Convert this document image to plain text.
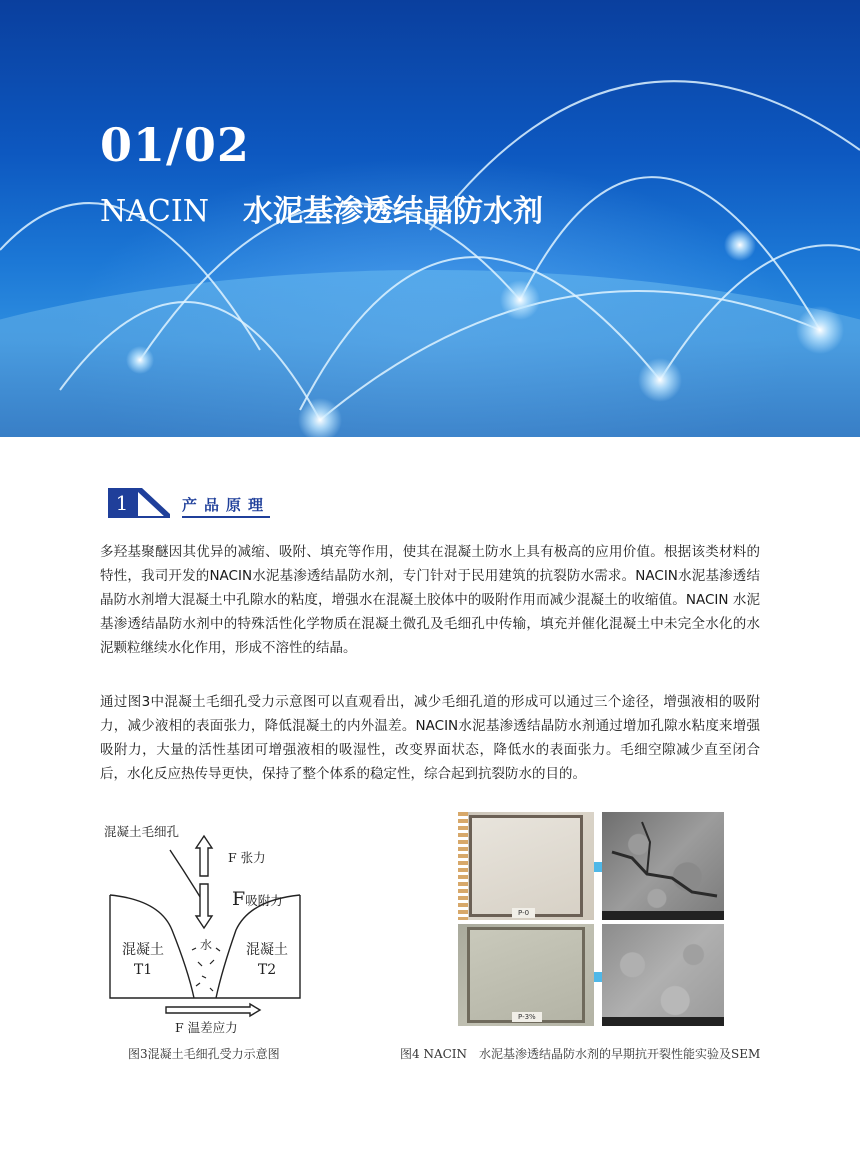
01/02
NACIN 水泥基渗透结晶防水剂
1	产品原理
多羟基聚醚因其优异的减缩、吸附、填充等作用，使其在混凝土防水上具有极高的应用价值。根据该类材料的特性，我司开发的NACIN水泥基渗透结晶防水剂，专门针对于民用建筑的抗裂防水需求。NACIN水泥基渗透结晶防水剂增大混凝土中孔隙水的粘度，增强水在混凝土胶体中的吸附作用而减少混凝土的收缩值。NACIN 水泥基渗透结晶防水剂中的特殊活性化学物质在混凝土微孔及毛细孔中传输，填充并催化混凝土中未完全水化的水泥颗粒继续水化作用，形成不溶性的结晶。
通过图3中混凝土毛细孔受力示意图可以直观看出，减少毛细孔道的形成可以通过三个途径，增强液相的吸附力，减少液相的表面张力，降低混凝土的内外温差。NACIN水泥基渗透结晶防水剂通过增加孔隙水粘度来增强吸附力，大量的活性基团可增强液相的吸湿性，改变界面状态，降低水的表面张力。毛细空隙减少直至闭合后，水化反应热传导更快，保持了整个体系的稳定性，综合起到抗裂防水的目的。
混凝土毛细孔
F 张力
F吸附力
水
混凝土
T1
混凝土
T2
F 温差应力
图3混凝土毛细孔受力示意图
P-0
P-3%
图4 NACIN　水泥基渗透结晶防水剂的早期抗开裂性能实验及SEM
